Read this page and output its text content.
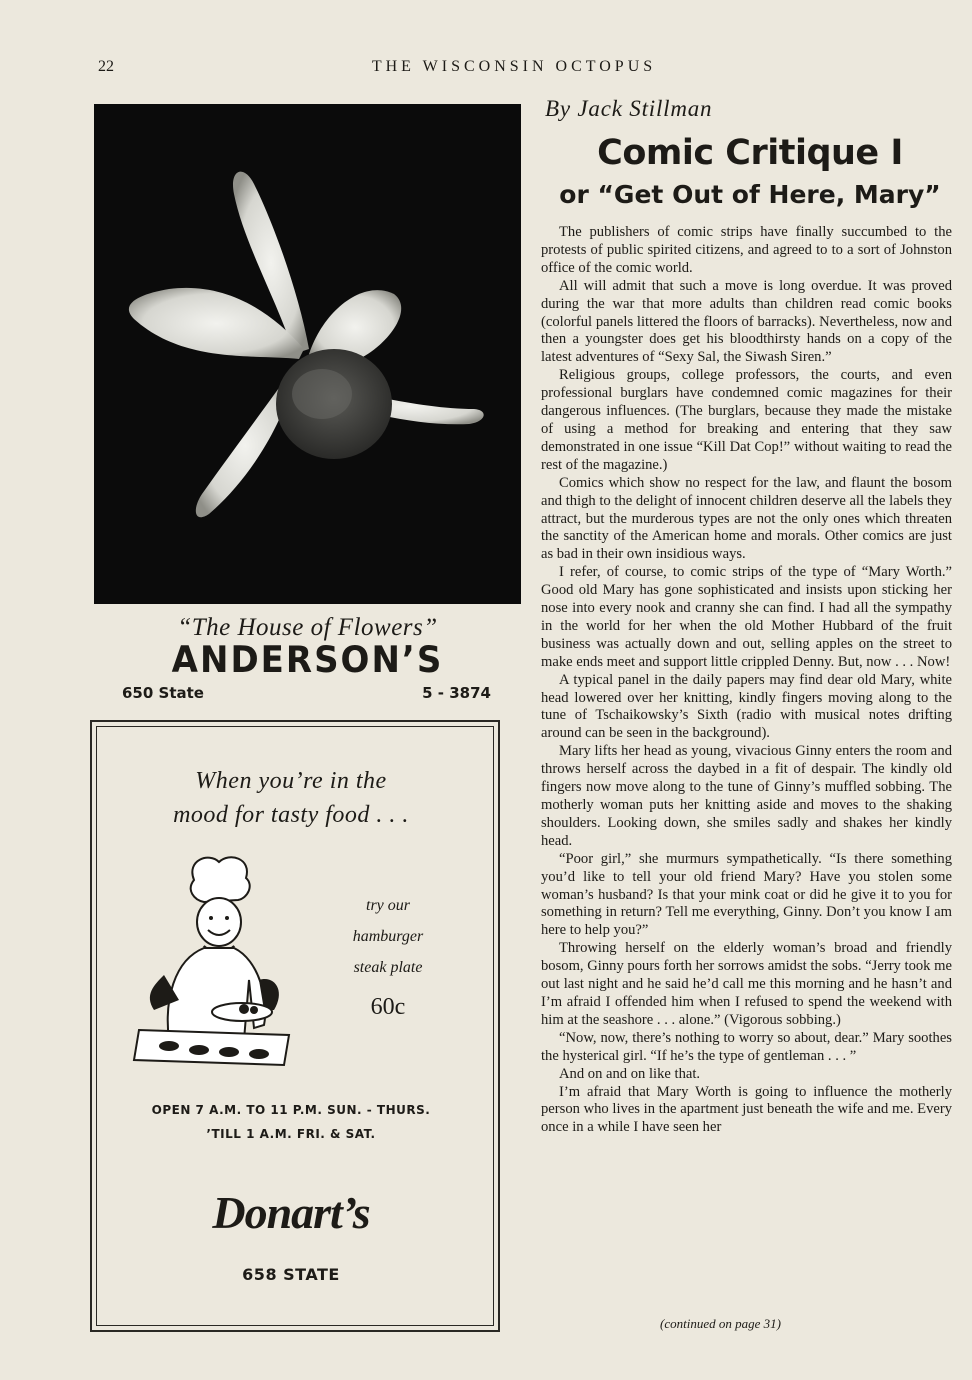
22	THE WISCONSIN OCTOPUS
“The House of Flowers”
ANDERSON’S
650 State	5 - 3874
When you’re in the
mood for tasty food . . .
try our
hamburger
steak plate
60c
OPEN 7 A.M. TO 11 P.M. SUN. - THURS.
’TILL 1 A.M. FRI. & SAT.
Donart’s
658 STATE
By Jack Stillman
Comic Critique I
or “Get Out of Here, Mary”

The publishers of comic strips have finally succumbed to the protests of public spirited citizens, and agreed to to a sort of Johnston office of the comic world.

All will admit that such a move is long overdue. It was proved during the war that more adults than children read comic books (colorful panels littered the floors of barracks). Nevertheless, now and then a youngster does get his bloodthirsty hands on a copy of the latest adventures of “Sexy Sal, the Siwash Siren.”

Religious groups, college professors, the courts, and even professional burglars have condemned comic magazines for their dangerous influences. (The burglars, because they made the mistake of using a method for breaking and entering that they saw demonstrated in one issue “Kill Dat Cop!” without waiting to read the rest of the magazine.)

Comics which show no respect for the law, and flaunt the bosom and thigh to the delight of innocent children deserve all the labels they attract, but the murderous types are not the only ones which threaten the sanctity of the American home and morals. Other comics are just as bad in their own insidious ways.

I refer, of course, to comic strips of the type of “Mary Worth.” Good old Mary has gone sophisticated and insists upon sticking her nose into every nook and cranny she can find. I had all the sympathy in the world for her when the old Mother Hubbard of the fruit business was actually down and out, selling apples on the street to make ends meet and support little crippled Denny. But, now . . . Now!

A typical panel in the daily papers may find dear old Mary, white head lowered over her knitting, kindly fingers moving along to the tune of Tschaikowsky’s Sixth (radio with musical notes drifting around can be seen in the background).

Mary lifts her head as young, vivacious Ginny enters the room and throws herself across the daybed in a fit of despair. The kindly old fingers now move along to the tune of Ginny’s muffled sobbing. The motherly woman puts her knitting aside and moves to the shaking shoulders. Looking down, she smiles sadly and shakes her kindly head.

“Poor girl,” she murmurs sympathetically. “Is there something you’d like to tell your old friend Mary? Have you stolen some woman’s husband? Is that your mink coat or did he give it to you for something in return? Tell me everything, Ginny. Don’t you know I am here to help you?”

Throwing herself on the elderly woman’s broad and friendly bosom, Ginny pours forth her sorrows amidst the sobs. “Jerry took me out last night and he said he’d call me this morning and he hasn’t and I’m afraid I offended him when I refused to spend the weekend with him at the seashore . . . alone.” (Vigorous sobbing.)

“Now, now, there’s nothing to worry so about, dear.” Mary soothes the hysterical girl. “If he’s the type of gentleman . . . ”

And on and on like that.

I’m afraid that Mary Worth is going to influence the motherly person who lives in the apartment just beneath the wife and me. Every once in a while I have seen her

(continued on page 31)
